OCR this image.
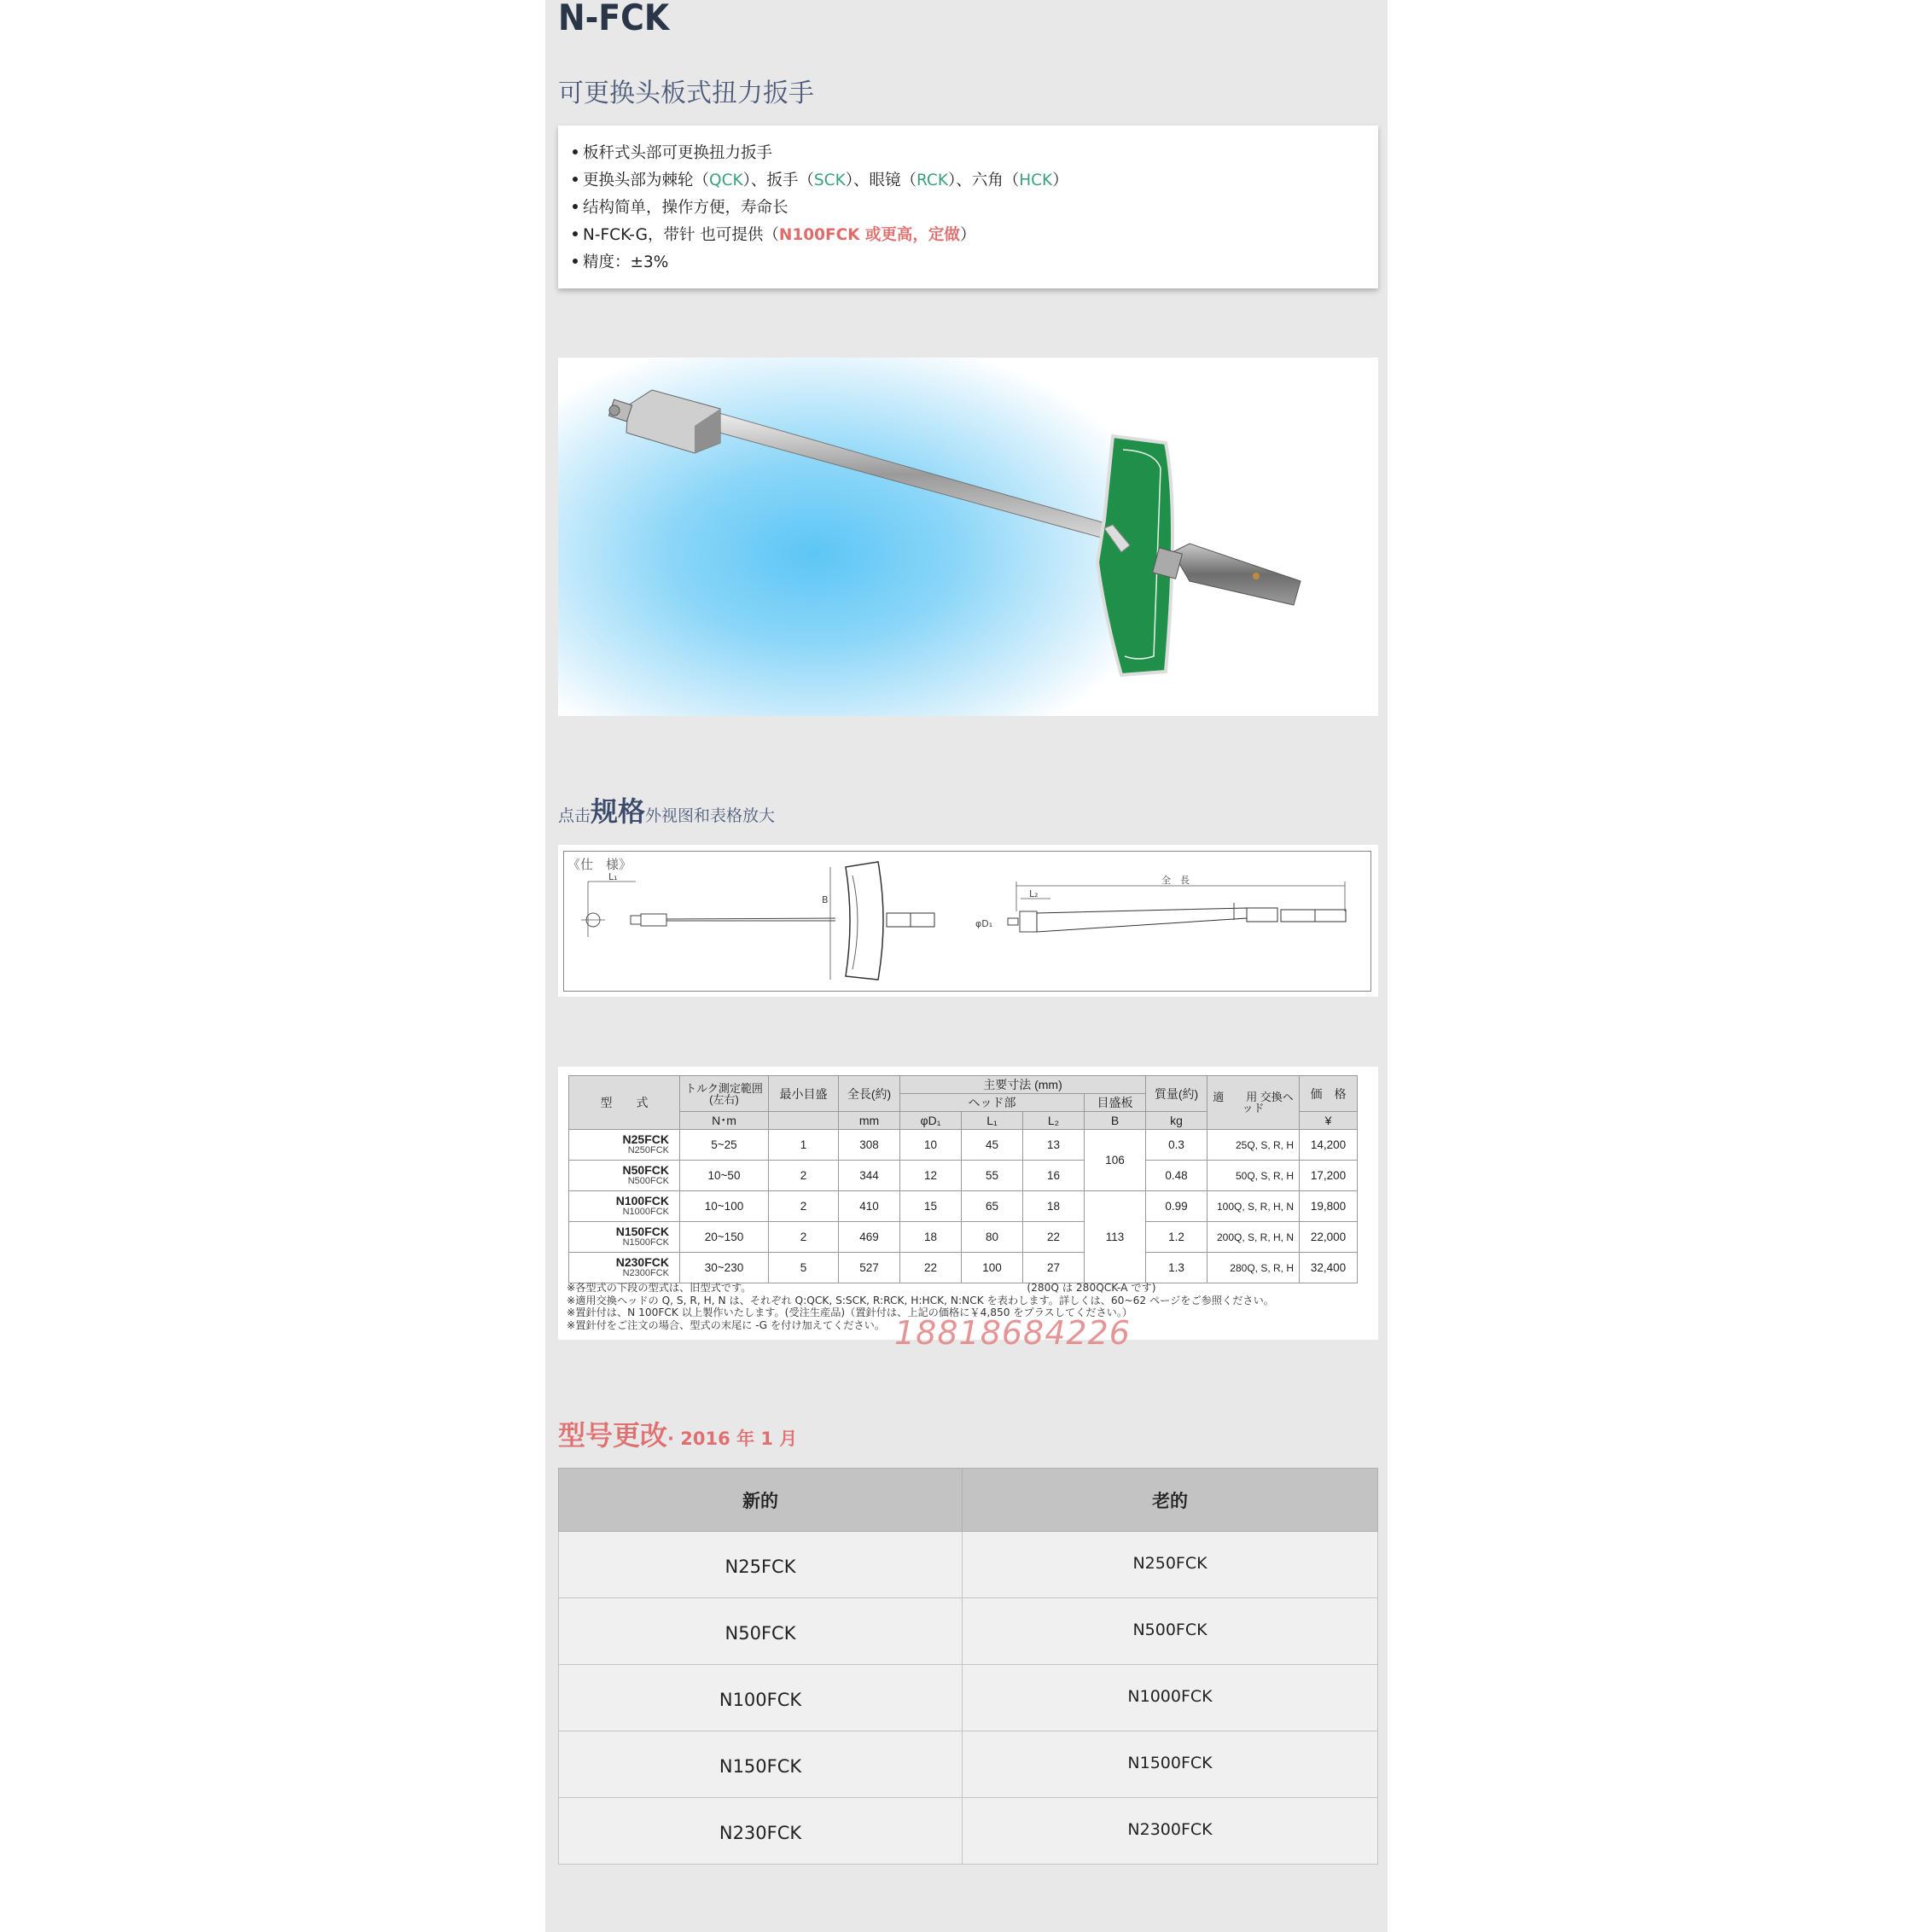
N-FCK
可更换头板式扭力扳手
板秆式头部可更换扭力扳手
更换头部为棘轮（QCK）、扳手（SCK）、眼镜（RCK）、六角（HCK）
结构简单，操作方便，寿命长
N-FCK-G，带针 也可提供（N100FCK 或更高，定做）
精度：±3%
点击规格外视图和表格放大
《仕　様》
L₁
B
全　長
L₂
φD₁
型　　式	トルク測定範囲 (左右)	最小目盛	全長(約)	主要寸法 (mm)				質量(約)	適　　用 交換ヘッド	価　格
				ヘッド部			目盛板			
	N･m		mm	φD₁	L₁	L₂	B	kg		¥
N25FCK
N250FCK	5~25	1	308	10	45	13	106	0.3	25Q, S, R, H	14,200
N50FCK
N500FCK	10~50	2	344	12	55	16		0.48	50Q, S, R, H	17,200
N100FCK
N1000FCK	10~100	2	410	15	65	18	113	0.99	100Q, S, R, H, N	19,800
N150FCK
N1500FCK	20~150	2	469	18	80	22		1.2	200Q, S, R, H, N	22,000
N230FCK
N2300FCK	30~230	5	527	22	100	27		1.3	280Q, S, R, H	32,400
※各型式の下段の型式は、旧型式です。　　　　　　　　　　　　　　　　　　　　　　　　　　　(280Q は 280QCK-A です)
※適用交換ヘッドの Q, S, R, H, N は、それぞれ Q:QCK, S:SCK, R:RCK, H:HCK, N:NCK を表わします。詳しくは、60~62 ページをご参照ください。
※置針付は、N 100FCK 以上製作いたします。(受注生産品)（置針付は、上記の価格に￥4,850 をプラスしてください。）
※置針付をご注文の場合、型式の末尾に -G を付け加えてください。 18818684226
型号更改· 2016 年 1 月
新的	老的
N25FCK	N250FCK
N50FCK	N500FCK
N100FCK	N1000FCK
N150FCK	N1500FCK
N230FCK	N2300FCK
